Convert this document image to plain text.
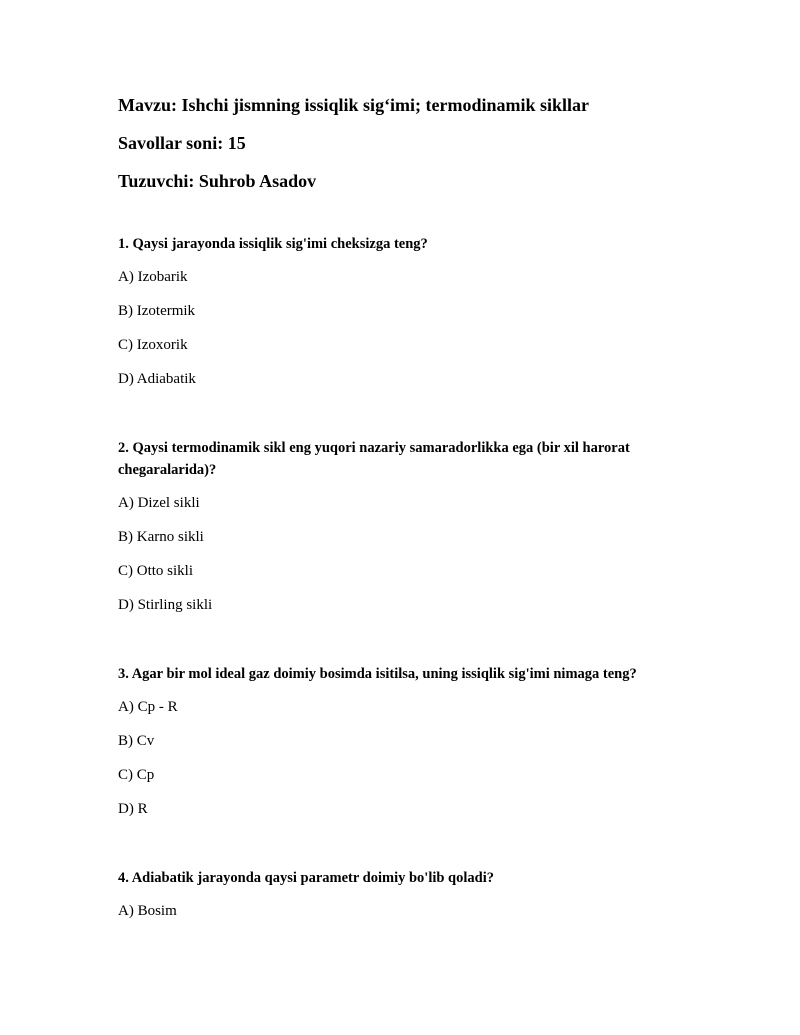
Mavzu: Ishchi jismning issiqlik sig‘imi; termodinamik sikllar
Savollar soni: 15
Tuzuvchi: Suhrob Asadov
1. Qaysi jarayonda issiqlik sig'imi cheksizga teng?
A) Izobarik
B) Izotermik
C) Izoxorik
D) Adiabatik
2. Qaysi termodinamik sikl eng yuqori nazariy samaradorlikka ega (bir xil harorat chegaralarida)?
A) Dizel sikli
B) Karno sikli
C) Otto sikli
D) Stirling sikli
3. Agar bir mol ideal gaz doimiy bosimda isitilsa, uning issiqlik sig'imi nimaga teng?
A) Cp - R
B) Cv
C) Cp
D) R
4. Adiabatik jarayonda qaysi parametr doimiy bo'lib qoladi?
A) Bosim
